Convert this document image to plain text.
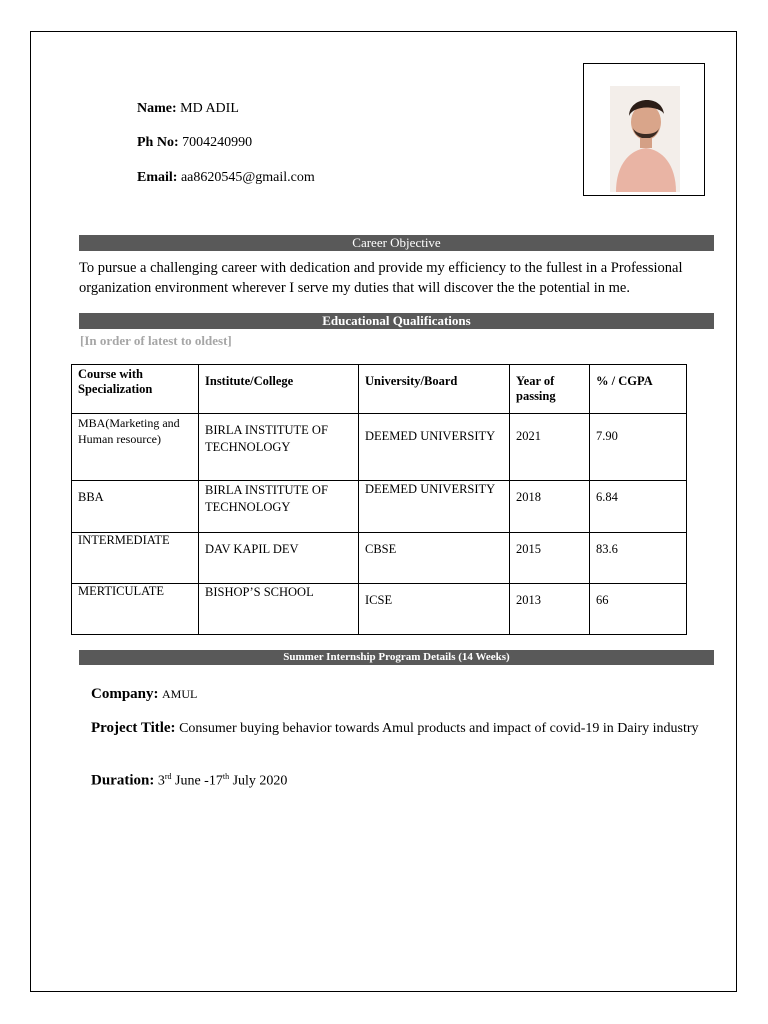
Name: MD ADIL
Ph No: 7004240990
Email: aa8620545@gmail.com
Career Objective
To pursue a challenging career with dedication and provide my efficiency to the fullest in a Professional organization environment wherever I serve my duties that will discover the the potential in me.
Educational Qualifications
[In order of latest to oldest]
Course with Specialization	Institute/College	University/Board	Year of passing	% / CGPA
MBA(Marketing and Human resource)	BIRLA INSTITUTE OF TECHNOLOGY	DEEMED UNIVERSITY	2021	7.90
BBA	BIRLA INSTITUTE OF TECHNOLOGY	DEEMED UNIVERSITY	2018	6.84
INTERMEDIATE	DAV KAPIL DEV	CBSE	2015	83.6
MERTICULATE	BISHOP’S SCHOOL	ICSE	2013	66
Summer Internship Program Details (14 Weeks)
Company: AMUL
Project Title: Consumer buying behavior towards Amul products and impact of covid-19 in Dairy industry
Duration: 3rd June -17th July 2020
